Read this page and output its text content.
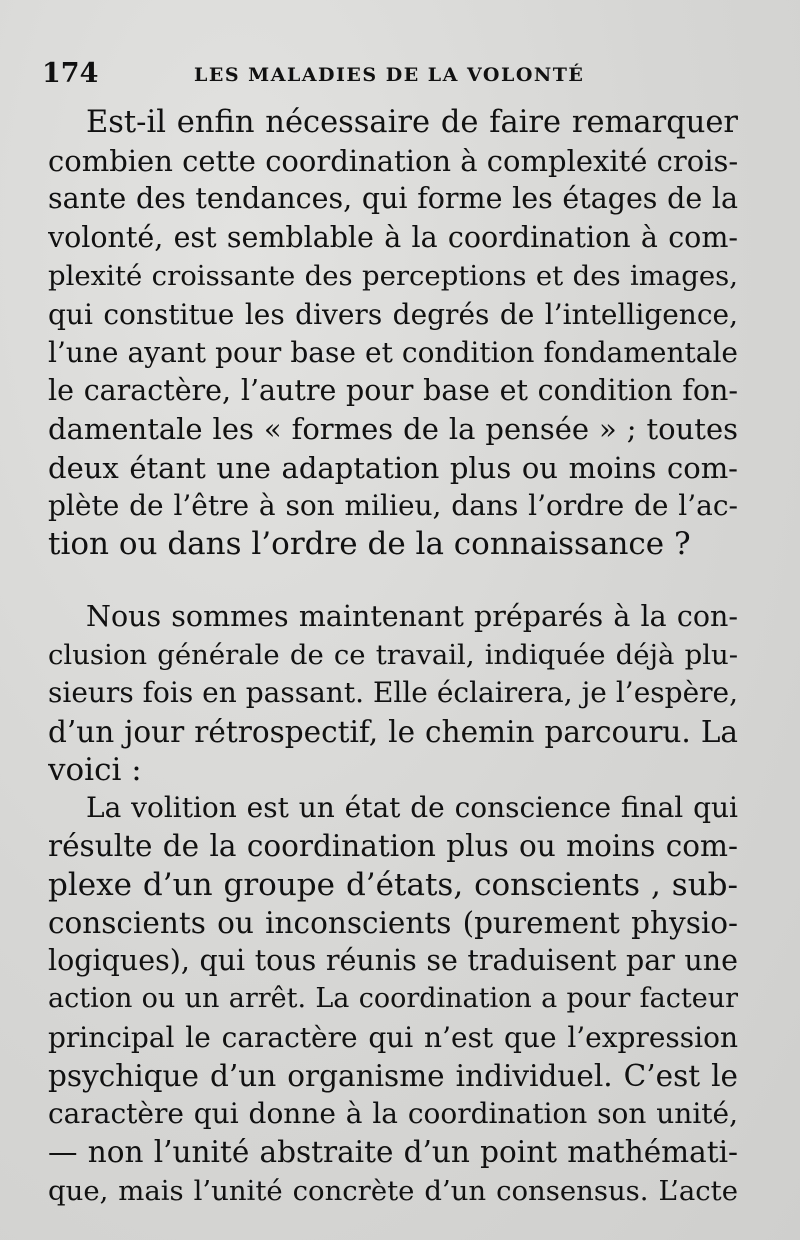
174	LES MALADIES DE LA VOLONTÉ
Est-il enfin nécessaire de faire remarquer
combien cette coordination à complexité crois-
sante des tendances, qui forme les étages de la
volonté, est semblable à la coordination à com-
plexité croissante des perceptions et des images,
qui constitue les divers degrés de l’intelligence,
l’une ayant pour base et condition fondamentale
le caractère, l’autre pour base et condition fon-
damentale les « formes de la pensée » ; toutes
deux étant une adaptation plus ou moins com-
plète de l’être à son milieu, dans l’ordre de l’ac-
tion ou dans l’ordre de la connaissance ?
Nous sommes maintenant préparés à la con-
clusion générale de ce travail, indiquée déjà plu-
sieurs fois en passant. Elle éclairera, je l’espère,
d’un jour rétrospectif, le chemin parcouru. La
voici :
La volition est un état de conscience final qui
résulte de la coordination plus ou moins com-
plexe d’un groupe d’états, conscients , sub-
conscients ou inconscients (purement physio-
logiques), qui tous réunis se traduisent par une
action ou un arrêt. La coordination a pour facteur
principal le caractère qui n’est que l’expression
psychique d’un organisme individuel. C’est le
caractère qui donne à la coordination son unité,
— non l’unité abstraite d’un point mathémati-
que, mais l’unité concrète d’un consensus. L’acte
